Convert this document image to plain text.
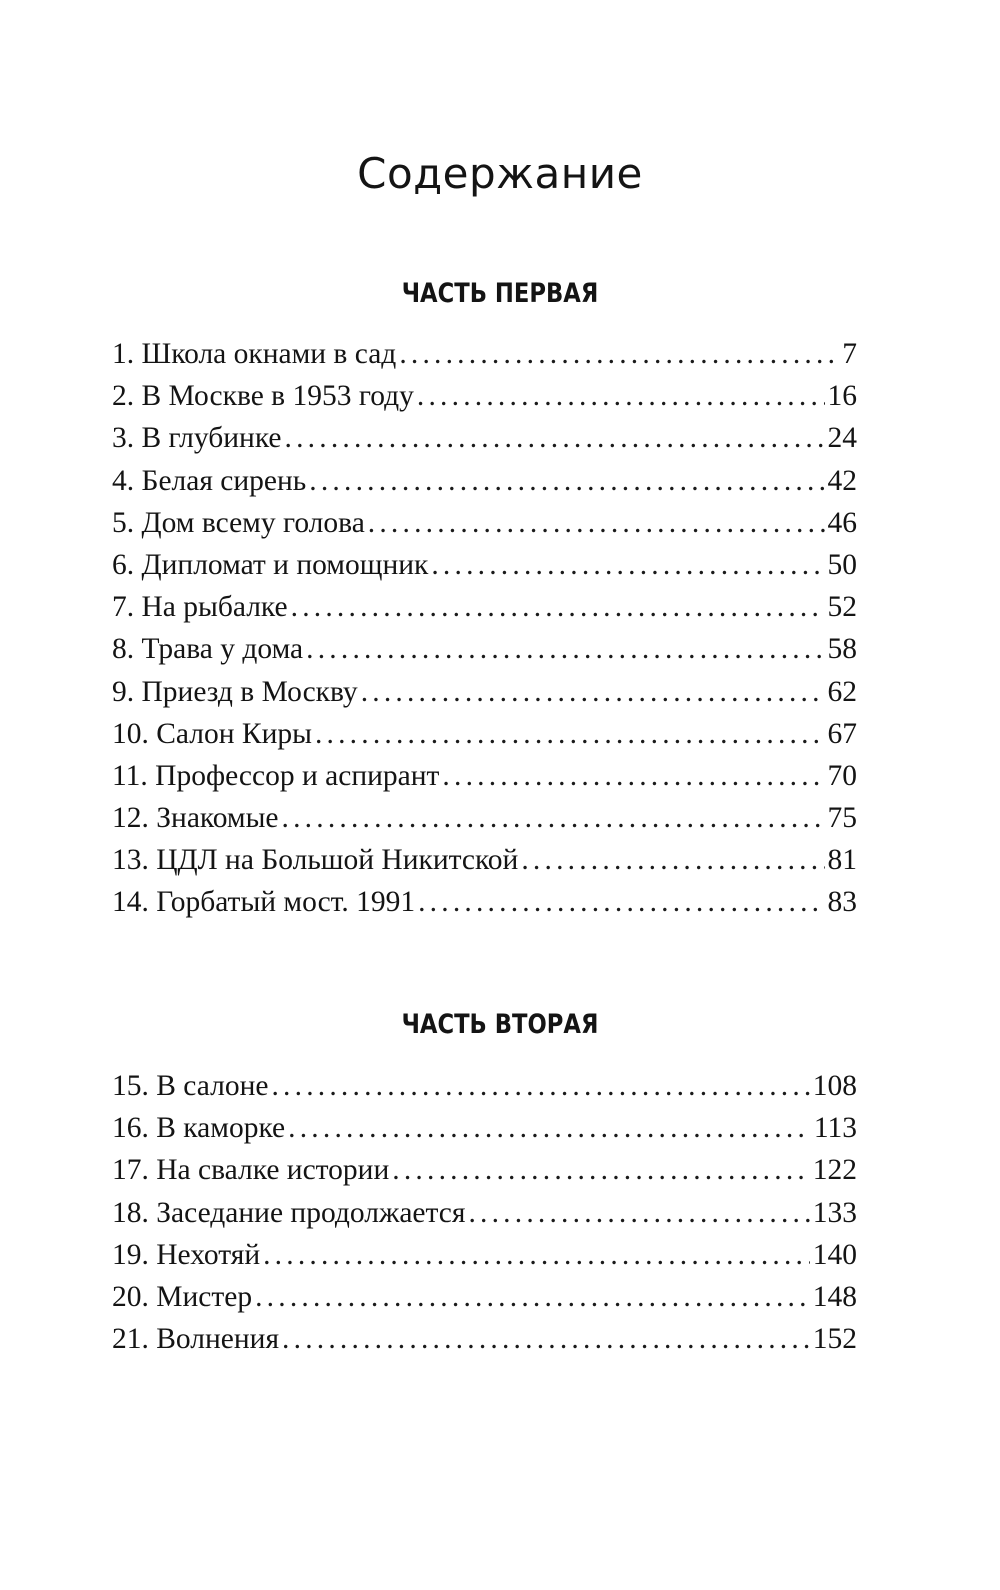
Содержание
ЧАСТЬ ПЕРВАЯ
1. Школа окнами в сад .....	7
2. В Москве в 1953 году .....	16
3. В глубинке .....	24
4. Белая сирень .....	42
5. Дом всему голова .....	46
6. Дипломат и помощник .....	50
7. На рыбалке .....	52
8. Трава у дома .....	58
9. Приезд в Москву .....	62
10. Салон Киры .....	67
11. Профессор и аспирант .....	70
12. Знакомые .....	75
13. ЦДЛ на Большой Никитской .....	81
14. Горбатый мост. 1991 .....	83
ЧАСТЬ ВТОРАЯ
15. В салоне .....	108
16. В каморке .....	113
17. На свалке истории .....	122
18. Заседание продолжается .....	133
19. Нехотяй .....	140
20. Мистер .....	148
21. Волнения .....	152
